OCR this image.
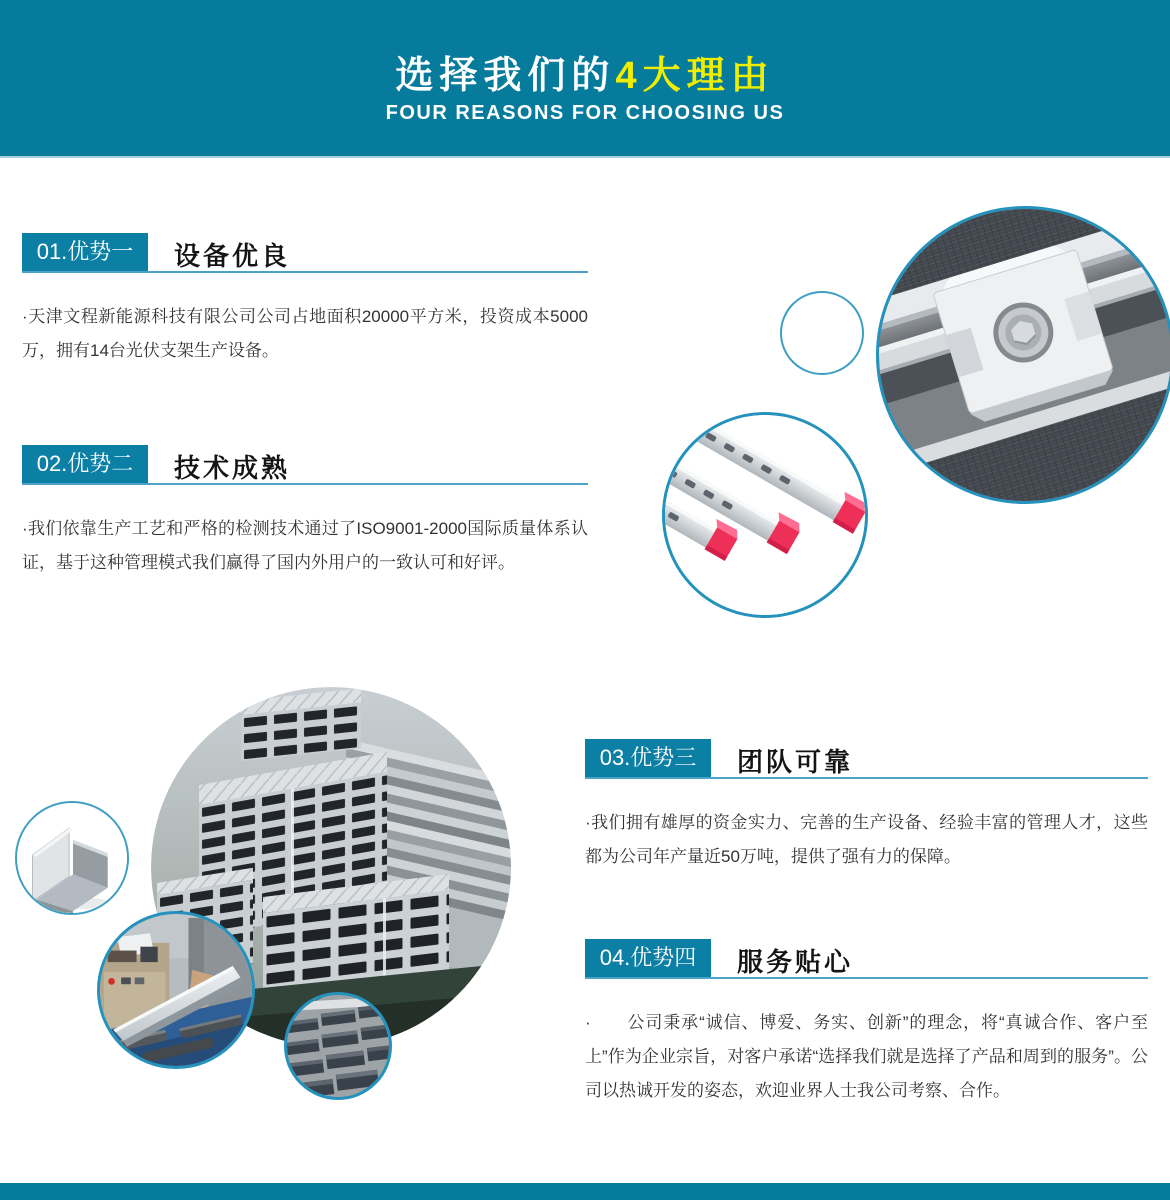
选择我们的4大理由
FOUR REASONS FOR CHOOSING US
01.优势一	设备优良

·天津文程新能源科技有限公司公司占地面积20000平方米，投资成本5000万，拥有14台光伏支架生产设备。

02.优势二	技术成熟

·我们依靠生产工艺和严格的检测技术通过了ISO9001-2000国际质量体系认证，基于这种管理模式我们赢得了国内外用户的一致认可和好评。

03.优势三	团队可靠

·我们拥有雄厚的资金实力、完善的生产设备、经验丰富的管理人才，这些都为公司年产量近50万吨，提供了强有力的保障。

04.优势四	服务贴心

·　　公司秉承“诚信、博爱、务实、创新”的理念，将“真诚合作、客户至上”作为企业宗旨，对客户承诺“选择我们就是选择了产品和周到的服务”。公司以热诚开发的姿态，欢迎业界人士我公司考察、合作。
